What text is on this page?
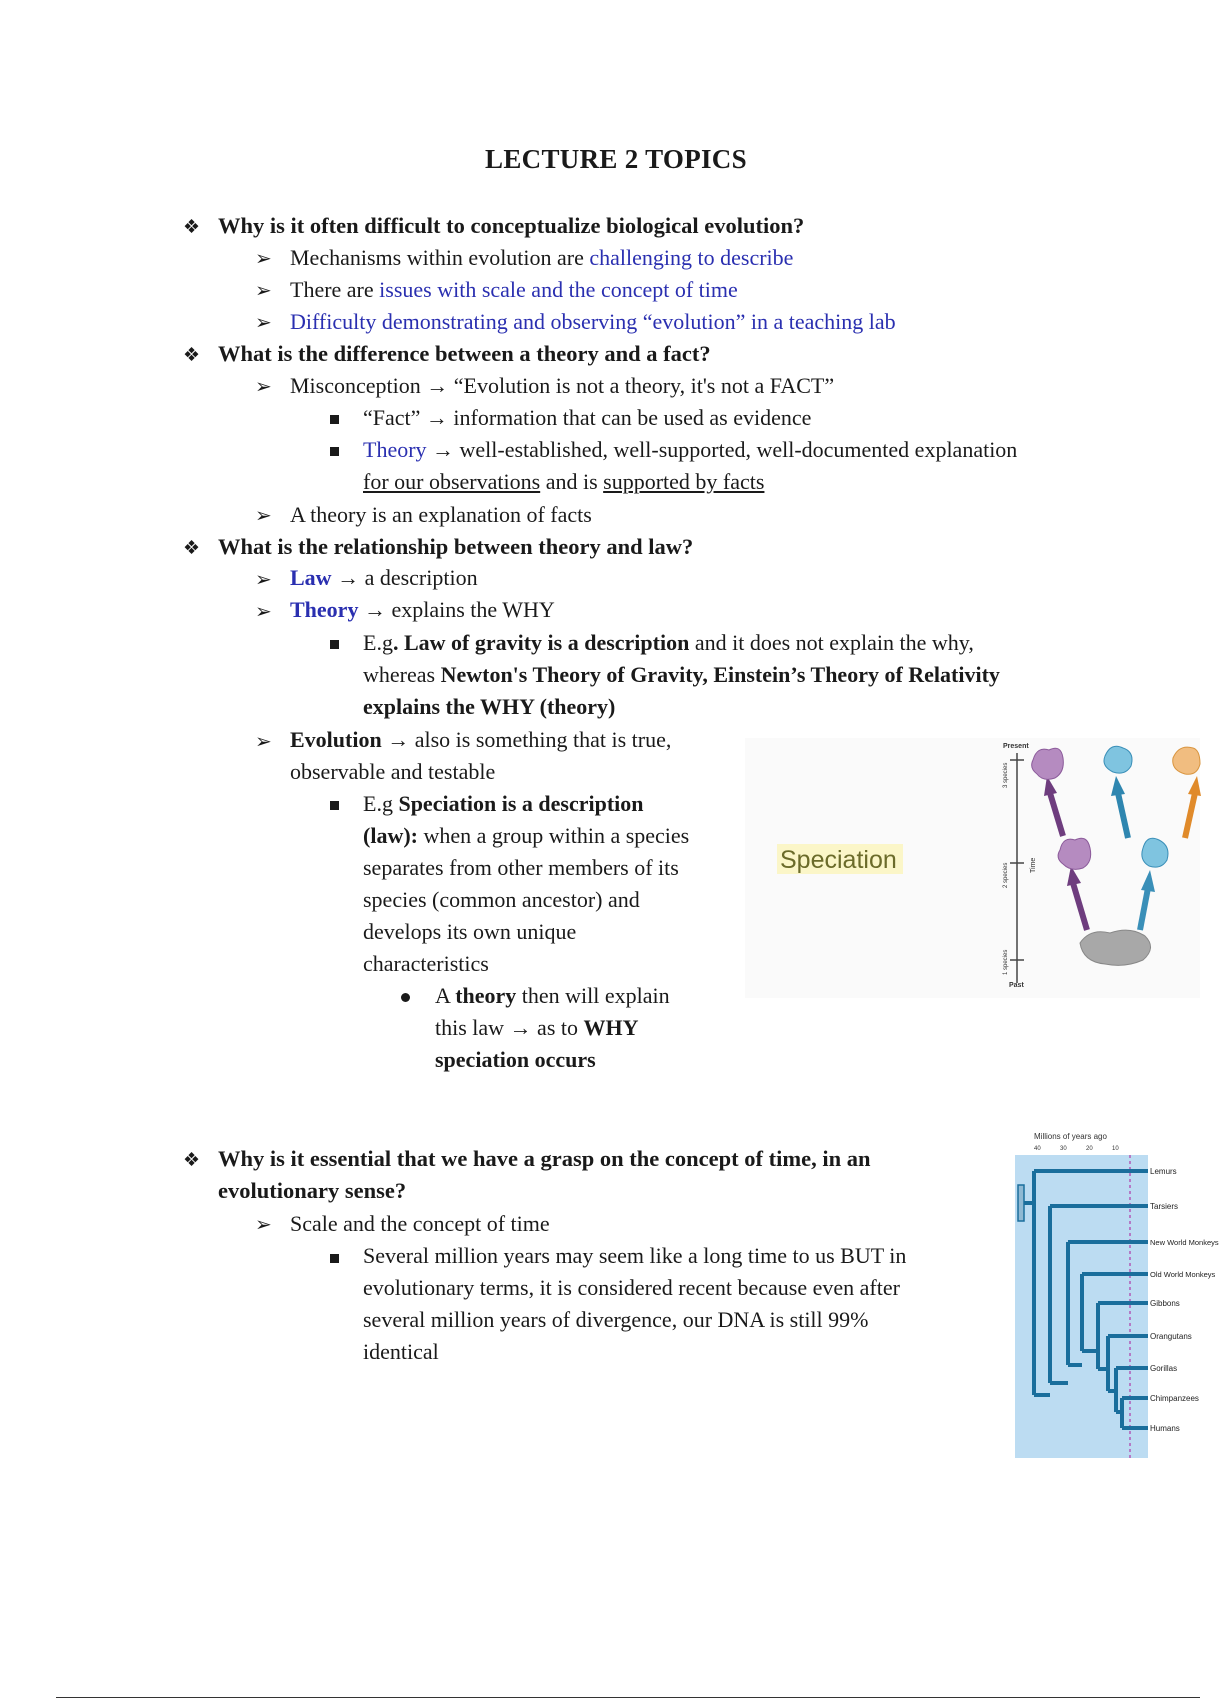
LECTURE 2 TOPICS
❖ Why is it often difficult to conceptualize biological evolution?
➢ Mechanisms within evolution are challenging to describe
➢ There are issues with scale and the concept of time
➢ Difficulty demonstrating and observing “evolution” in a teaching lab
❖ What is the difference between a theory and a fact?
➢ Misconception → “Evolution is not a theory, it's not a FACT”
“Fact” → information that can be used as evidence
Theory → well-established, well-supported, well-documented explanation
for our observations and is supported by facts
➢ A theory is an explanation of facts
❖ What is the relationship between theory and law?
➢ Law → a description
➢ Theory → explains the WHY
E.g. Law of gravity is a description and it does not explain the why,
whereas Newton's Theory of Gravity, Einstein’s Theory of Relativity
explains the WHY (theory)
➢ Evolution → also is something that is true,
observable and testable
E.g Speciation is a description
(law): when a group within a species
separates from other members of its
species (common ancestor) and
develops its own unique
characteristics
A theory then will explain
this law → as to WHY
speciation occurs
Speciation
Present
Past
Time
3 species
2 species
1 species
❖ Why is it essential that we have a grasp on the concept of time, in an
evolutionary sense?
➢ Scale and the concept of time
Several million years may seem like a long time to us BUT in
evolutionary terms, it is considered recent because even after
several million years of divergence, our DNA is still 99%
identical
Millions of years ago
40	30	20	10
Lemurs
Tarsiers
New World Monkeys
Old World Monkeys
Gibbons
Orangutans
Gorillas
Chimpanzees
Humans
